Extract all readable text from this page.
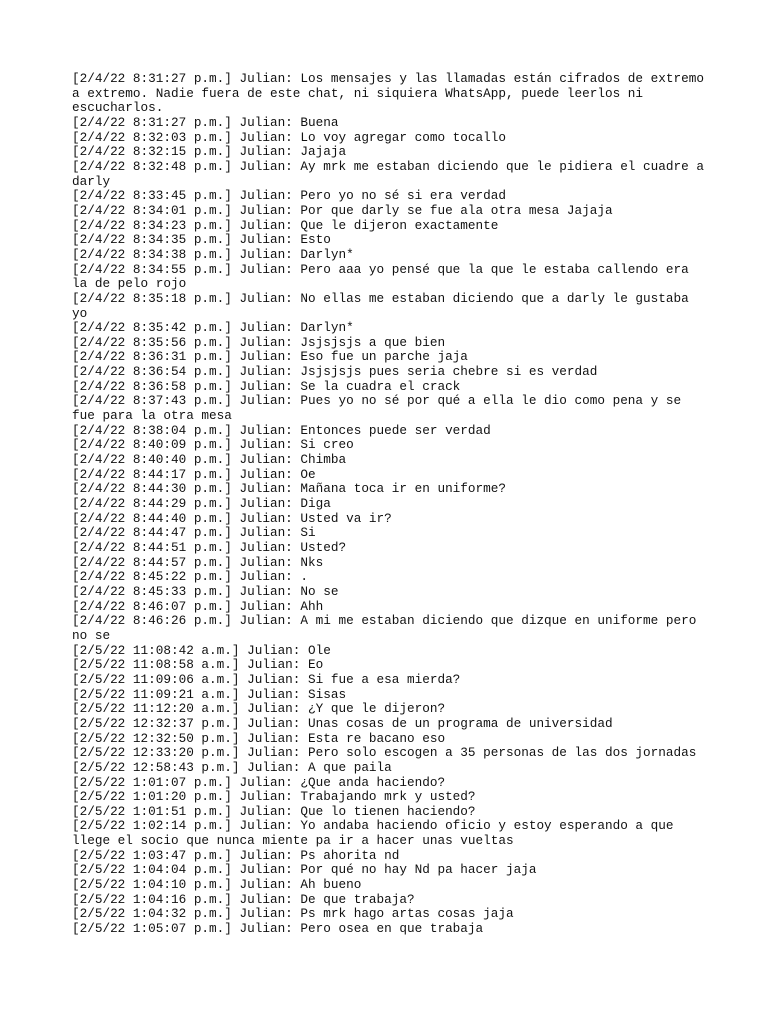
[2/4/22 8:31:27 p.m.] Julian: Los mensajes y las llamadas están cifrados de extremo
a extremo. Nadie fuera de este chat, ni siquiera WhatsApp, puede leerlos ni
escucharlos.
[2/4/22 8:31:27 p.m.] Julian: Buena
[2/4/22 8:32:03 p.m.] Julian: Lo voy agregar como tocallo
[2/4/22 8:32:15 p.m.] Julian: Jajaja
[2/4/22 8:32:48 p.m.] Julian: Ay mrk me estaban diciendo que le pidiera el cuadre a
darly
[2/4/22 8:33:45 p.m.] Julian: Pero yo no sé si era verdad
[2/4/22 8:34:01 p.m.] Julian: Por que darly se fue ala otra mesa Jajaja
[2/4/22 8:34:23 p.m.] Julian: Que le dijeron exactamente
[2/4/22 8:34:35 p.m.] Julian: Esto
[2/4/22 8:34:38 p.m.] Julian: Darlyn*
[2/4/22 8:34:55 p.m.] Julian: Pero aaa yo pensé que la que le estaba callendo era
la de pelo rojo
[2/4/22 8:35:18 p.m.] Julian: No ellas me estaban diciendo que a darly le gustaba
yo
[2/4/22 8:35:42 p.m.] Julian: Darlyn*
[2/4/22 8:35:56 p.m.] Julian: Jsjsjsjs a que bien
[2/4/22 8:36:31 p.m.] Julian: Eso fue un parche jaja
[2/4/22 8:36:54 p.m.] Julian: Jsjsjsjs pues seria chebre si es verdad
[2/4/22 8:36:58 p.m.] Julian: Se la cuadra el crack
[2/4/22 8:37:43 p.m.] Julian: Pues yo no sé por qué a ella le dio como pena y se
fue para la otra mesa
[2/4/22 8:38:04 p.m.] Julian: Entonces puede ser verdad
[2/4/22 8:40:09 p.m.] Julian: Si creo
[2/4/22 8:40:40 p.m.] Julian: Chimba
[2/4/22 8:44:17 p.m.] Julian: Oe
[2/4/22 8:44:30 p.m.] Julian: Mañana toca ir en uniforme?
[2/4/22 8:44:29 p.m.] Julian: Diga
[2/4/22 8:44:40 p.m.] Julian: Usted va ir?
[2/4/22 8:44:47 p.m.] Julian: Si
[2/4/22 8:44:51 p.m.] Julian: Usted?
[2/4/22 8:44:57 p.m.] Julian: Nks
[2/4/22 8:45:22 p.m.] Julian: .
[2/4/22 8:45:33 p.m.] Julian: No se
[2/4/22 8:46:07 p.m.] Julian: Ahh
[2/4/22 8:46:26 p.m.] Julian: A mi me estaban diciendo que dizque en uniforme pero
no se
[2/5/22 11:08:42 a.m.] Julian: Ole
[2/5/22 11:08:58 a.m.] Julian: Eo
[2/5/22 11:09:06 a.m.] Julian: Si fue a esa mierda?
[2/5/22 11:09:21 a.m.] Julian: Sisas
[2/5/22 11:12:20 a.m.] Julian: ¿Y que le dijeron?
[2/5/22 12:32:37 p.m.] Julian: Unas cosas de un programa de universidad
[2/5/22 12:32:50 p.m.] Julian: Esta re bacano eso
[2/5/22 12:33:20 p.m.] Julian: Pero solo escogen a 35 personas de las dos jornadas
[2/5/22 12:58:43 p.m.] Julian: A que paila
[2/5/22 1:01:07 p.m.] Julian: ¿Que anda haciendo?
[2/5/22 1:01:20 p.m.] Julian: Trabajando mrk y usted?
[2/5/22 1:01:51 p.m.] Julian: Que lo tienen haciendo?
[2/5/22 1:02:14 p.m.] Julian: Yo andaba haciendo oficio y estoy esperando a que
llege el socio que nunca miente pa ir a hacer unas vueltas
[2/5/22 1:03:47 p.m.] Julian: Ps ahorita nd
[2/5/22 1:04:04 p.m.] Julian: Por qué no hay Nd pa hacer jaja
[2/5/22 1:04:10 p.m.] Julian: Ah bueno
[2/5/22 1:04:16 p.m.] Julian: De que trabaja?
[2/5/22 1:04:32 p.m.] Julian: Ps mrk hago artas cosas jaja
[2/5/22 1:05:07 p.m.] Julian: Pero osea en que trabaja
